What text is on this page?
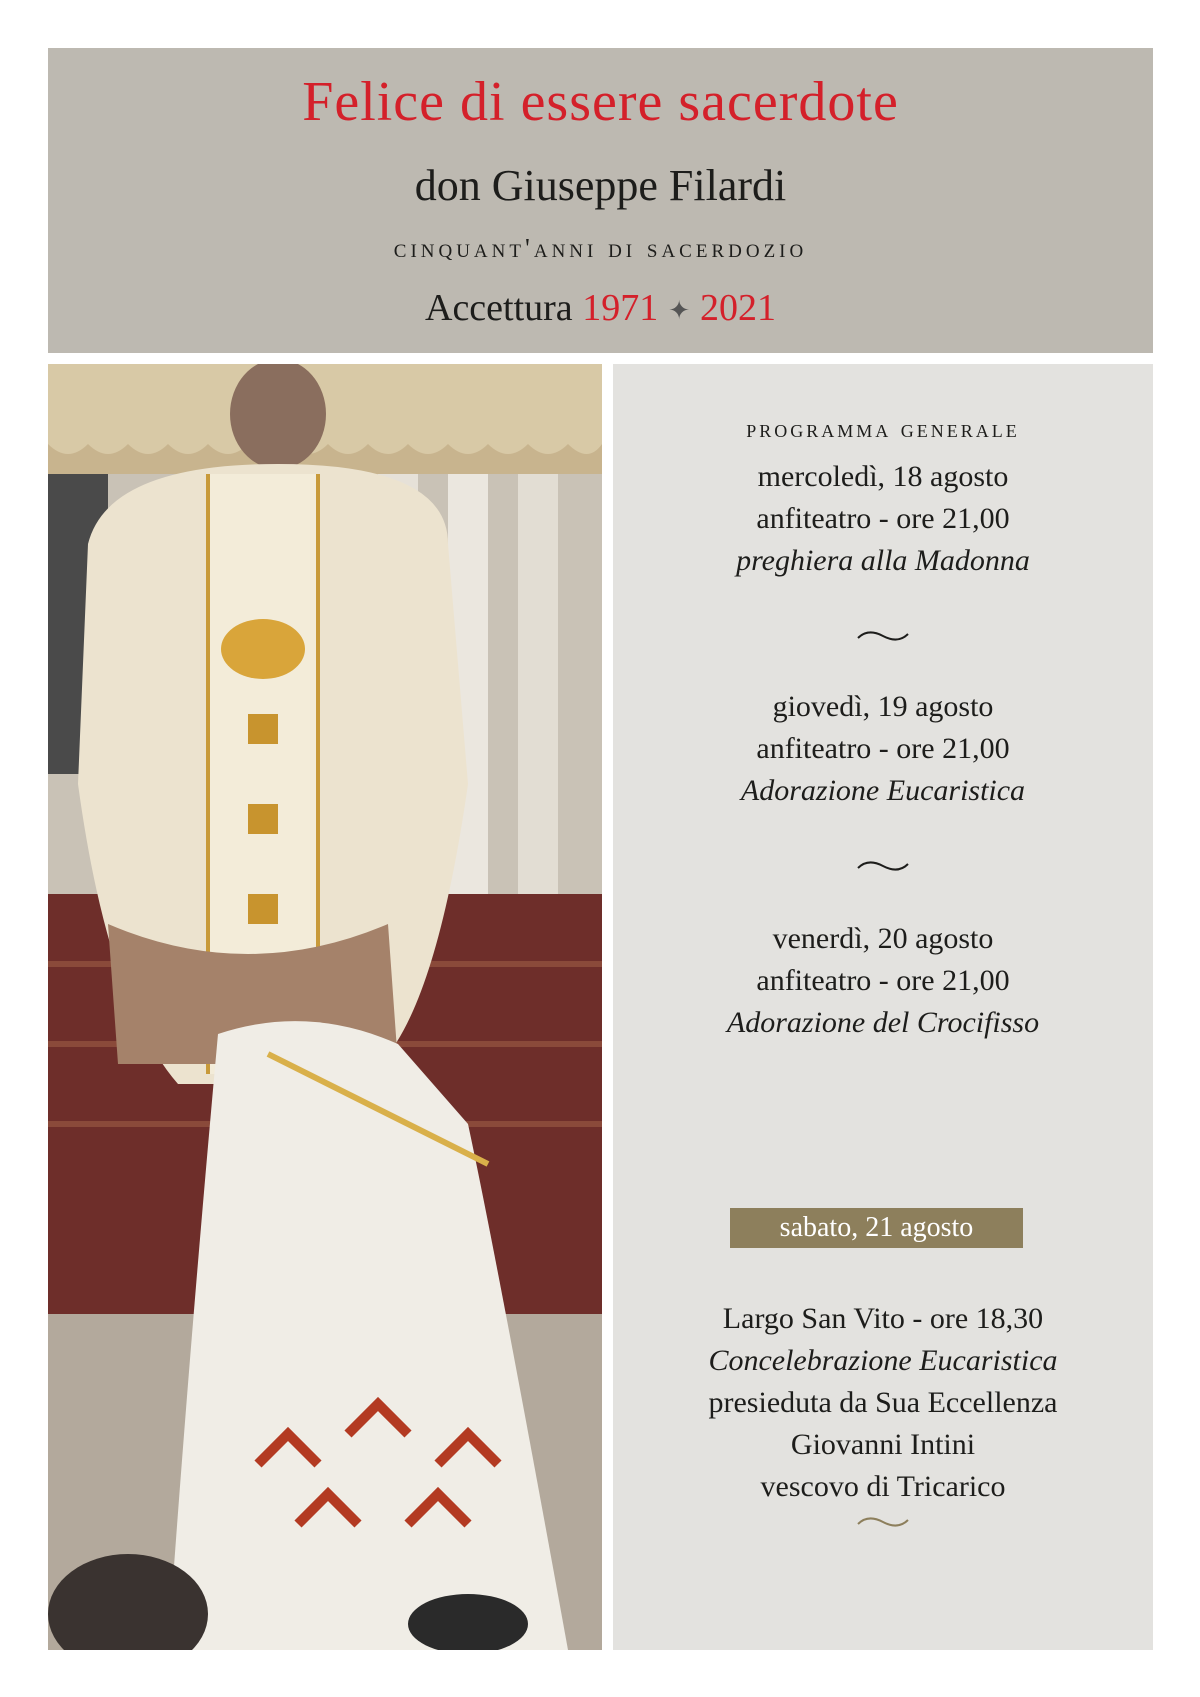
Felice di essere sacerdote
don Giuseppe Filardi
cinquant'anni di sacerdozio
Accettura 1971 ✦ 2021
programma generale
mercoledì, 18 agosto
anfiteatro - ore 21,00
preghiera alla Madonna
giovedì, 19 agosto
anfiteatro - ore 21,00
Adorazione Eucaristica
venerdì, 20 agosto
anfiteatro - ore 21,00
Adorazione del Crocifisso
sabato, 21 agosto
Largo San Vito - ore 18,30
Concelebrazione Eucaristica
presieduta da Sua Eccellenza
Giovanni Intini
vescovo di Tricarico
